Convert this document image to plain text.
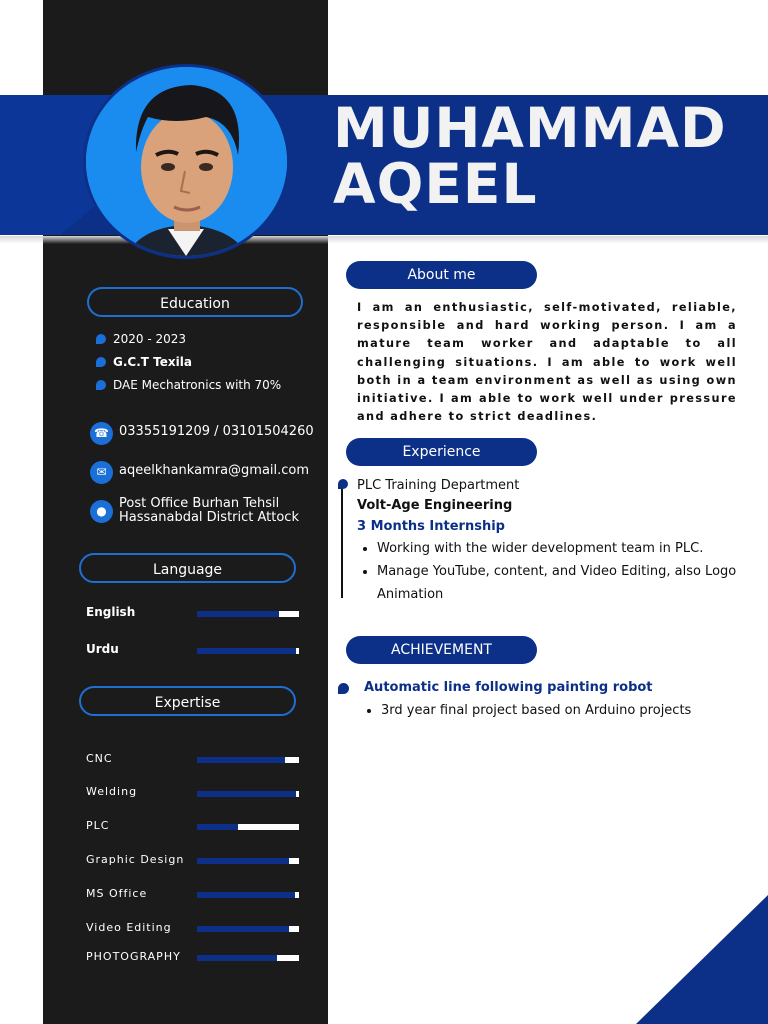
MUHAMMAD
AQEEL
Education
2020 - 2023
G.C.T Texila
DAE Mechatronics with 70%
☎ 03355191209 / 03101504260
✉ aqeelkhankamra@gmail.com
● Post Office Burhan Tehsil
Hassanabdal District Attock
Language
English
Urdu
Expertise
CNC
Welding
PLC
Graphic Design
MS Office
Video Editing
PHOTOGRAPHY
About me
I am an enthusiastic, self-motivated, reliable, responsible and hard working person. I am a mature team worker and adaptable to all challenging situations. I am able to work well both in a team environment as well as using own initiative. I am able to work well under pressure and adhere to strict deadlines.
Experience
PLC Training Department
Volt-Age Engineering
3 Months Internship
• Working with the wider development team in PLC.
• Manage YouTube, content, and Video Editing, also Logo Animation
ACHIEVEMENT
Automatic line following painting robot
• 3rd year final project based on Arduino projects
